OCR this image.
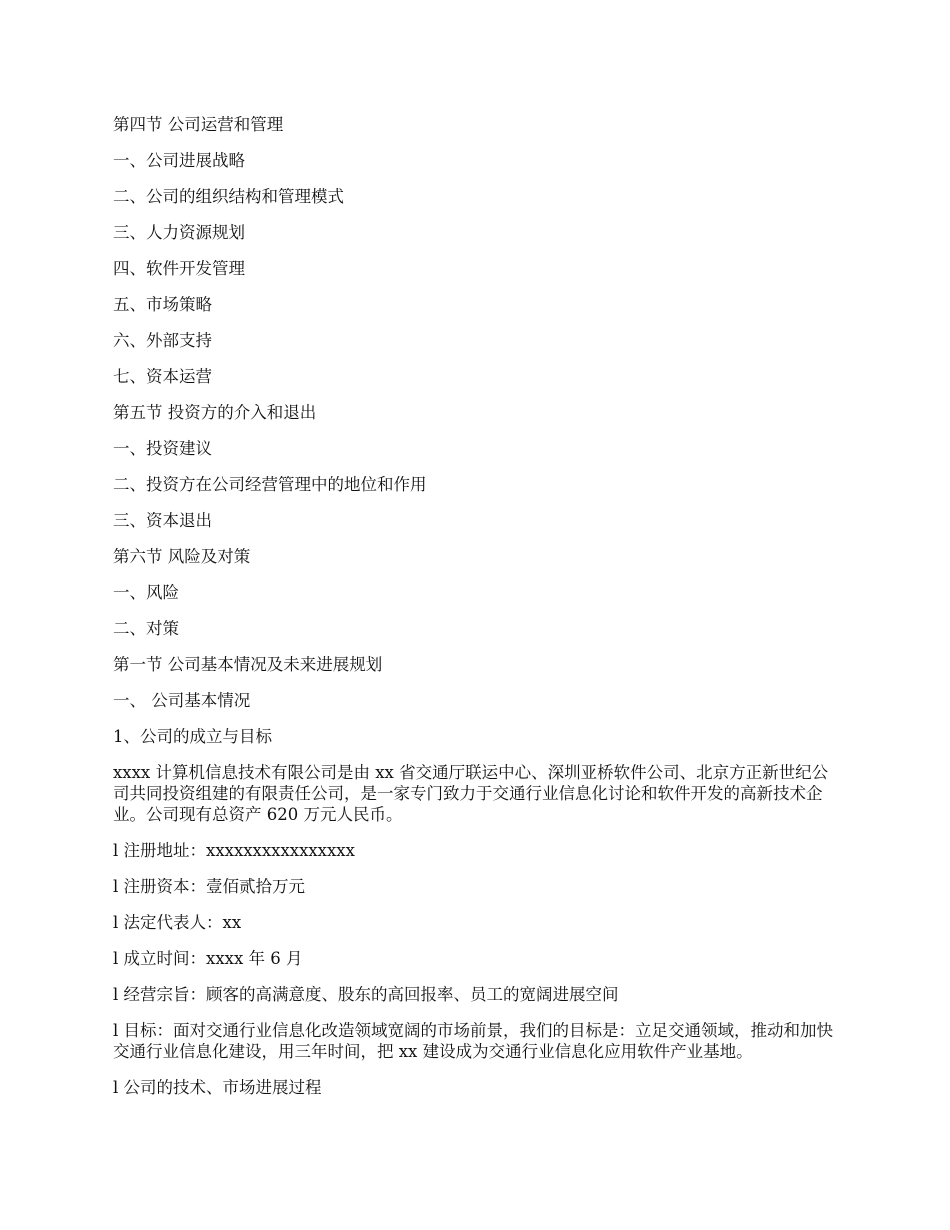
第四节 公司运营和管理
一、公司进展战略
二、公司的组织结构和管理模式
三、人力资源规划
四、软件开发管理
五、市场策略
六、外部支持
七、资本运营
第五节 投资方的介入和退出
一、投资建议
二、投资方在公司经营管理中的地位和作用
三、资本退出
第六节 风险及对策
一、风险
二、对策
第一节 公司基本情况及未来进展规划
一、 公司基本情况
1、公司的成立与目标
xxxx 计算机信息技术有限公司是由 xx 省交通厅联运中心、深圳亚桥软件公司、北京方正新世纪公司共同投资组建的有限责任公司，是一家专门致力于交通行业信息化讨论和软件开发的高新技术企业。公司现有总资产 620 万元人民币。
l 注册地址：xxxxxxxxxxxxxxxx
l 注册资本：壹佰贰拾万元
l 法定代表人：xx
l 成立时间：xxxx 年 6 月
l 经营宗旨：顾客的高满意度、股东的高回报率、员工的宽阔进展空间
l 目标：面对交通行业信息化改造领域宽阔的市场前景，我们的目标是：立足交通领域，推动和加快交通行业信息化建设，用三年时间，把 xx 建设成为交通行业信息化应用软件产业基地。
l 公司的技术、市场进展过程
